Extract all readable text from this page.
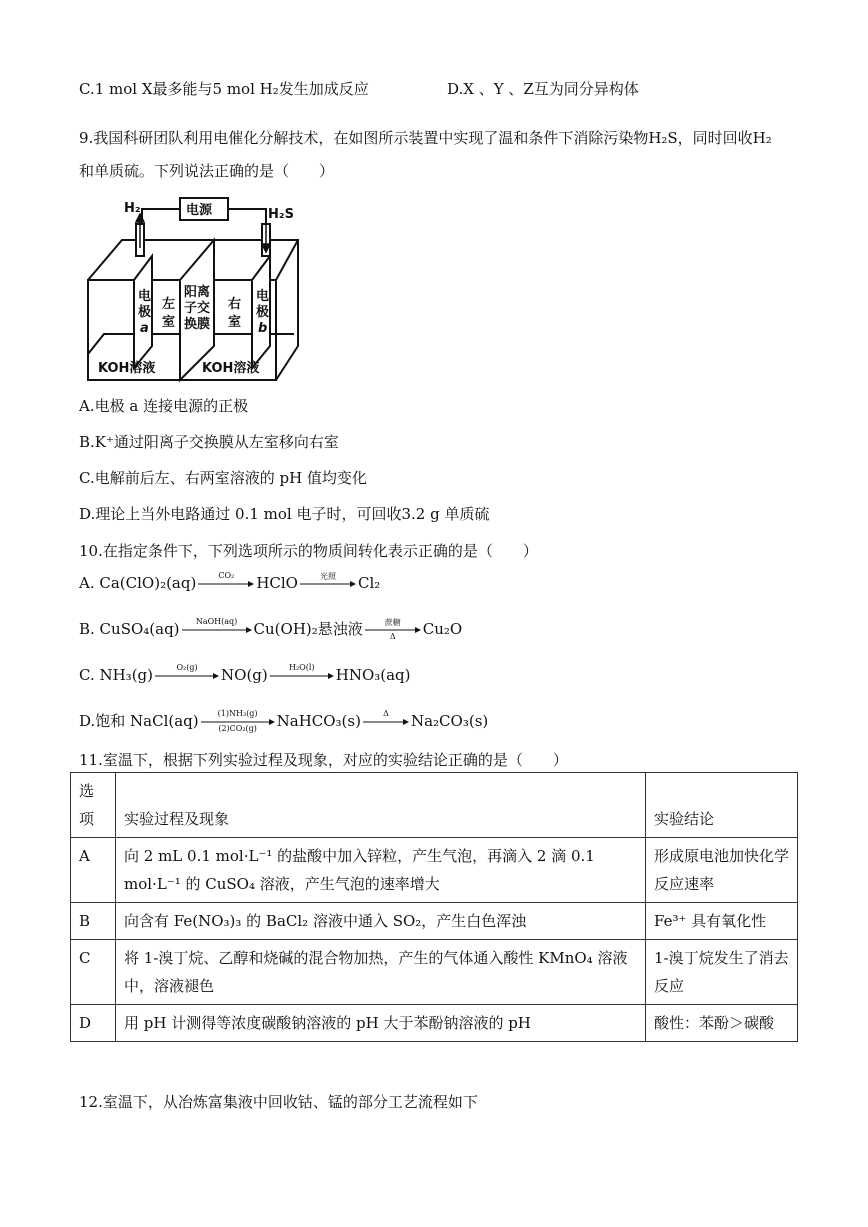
C.1 mol X最多能与5 mol H₂发生加成反应	D.X 、Y 、Z互为同分异构体
9.我国科研团队利用电催化分解技术，在如图所示装置中实现了温和条件下消除污染物H₂S，同时回收H₂
和单质硫。下列说法正确的是（　　）
电源
H₂	H₂S
电
极
a
左
室
阳离
子交
换膜
右
室
电
极
b
KOH溶液	KOH溶液
A.电极 a 连接电源的正极
B.K⁺通过阳离子交换膜从左室移向右室
C.电解前后左、右两室溶液的 pH 值均变化
D.理论上当外电路通过 0.1 mol 电子时，可回收3.2 g 单质硫
10.在指定条件下，下列选项所示的物质间转化表示正确的是（　　）
A. Ca(ClO)₂(aq)	CO₂	HClO	光照	Cl₂
B. CuSO₄(aq)	NaOH(aq)	Cu(OH)₂悬浊液	蔗糖
Δ	Cu₂O
C. NH₃(g)	O₂(g)	NO(g)	H₂O(l)	HNO₃(aq)
D.饱和 NaCl(aq)	(1)NH₃(g)
(2)CO₂(g)	NaHCO₃(s)	Δ	Na₂CO₃(s)
11.室温下，根据下列实验过程及现象，对应的实验结论正确的是（　　）
选项	实验过程及现象	实验结论
A	向 2 mL 0.1 mol·L⁻¹ 的盐酸中加入锌粒，产生气泡，再滴入 2 滴 0.1 mol·L⁻¹ 的 CuSO₄ 溶液，产生气泡的速率增大	形成原电池加快化学反应速率
B	向含有 Fe(NO₃)₃ 的 BaCl₂ 溶液中通入 SO₂，产生白色浑浊	Fe³⁺ 具有氧化性
C	将 1-溴丁烷、乙醇和烧碱的混合物加热，产生的气体通入酸性 KMnO₄ 溶液中，溶液褪色	1-溴丁烷发生了消去反应
D	用 pH 计测得等浓度碳酸钠溶液的 pH 大于苯酚钠溶液的 pH	酸性：苯酚＞碳酸
12.室温下，从冶炼富集液中回收钴、锰的部分工艺流程如下
